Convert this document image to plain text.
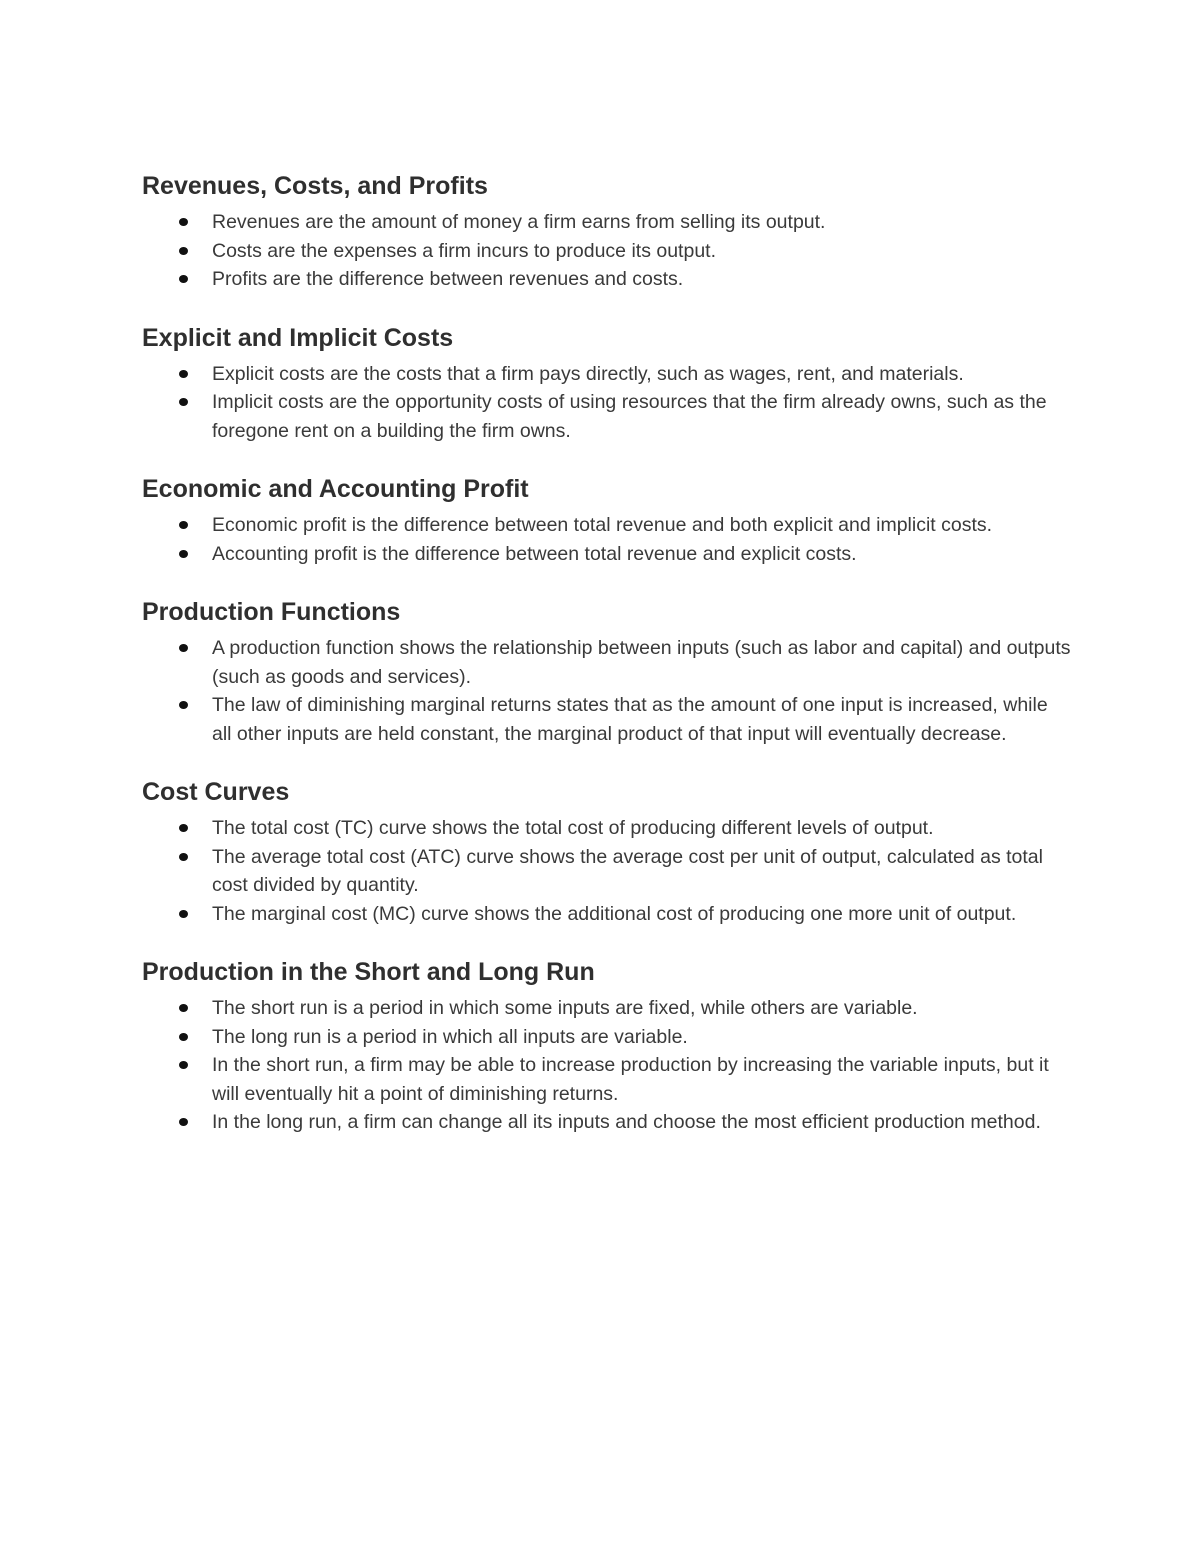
Revenues, Costs, and Profits
Revenues are the amount of money a firm earns from selling its output.
Costs are the expenses a firm incurs to produce its output.
Profits are the difference between revenues and costs.
Explicit and Implicit Costs
Explicit costs are the costs that a firm pays directly, such as wages, rent, and materials.
Implicit costs are the opportunity costs of using resources that the firm already owns, such as the foregone rent on a building the firm owns.
Economic and Accounting Profit
Economic profit is the difference between total revenue and both explicit and implicit costs.
Accounting profit is the difference between total revenue and explicit costs.
Production Functions
A production function shows the relationship between inputs (such as labor and capital) and outputs (such as goods and services).
The law of diminishing marginal returns states that as the amount of one input is increased, while all other inputs are held constant, the marginal product of that input will eventually decrease.
Cost Curves
The total cost (TC) curve shows the total cost of producing different levels of output.
The average total cost (ATC) curve shows the average cost per unit of output, calculated as total cost divided by quantity.
The marginal cost (MC) curve shows the additional cost of producing one more unit of output.
Production in the Short and Long Run
The short run is a period in which some inputs are fixed, while others are variable.
The long run is a period in which all inputs are variable.
In the short run, a firm may be able to increase production by increasing the variable inputs, but it will eventually hit a point of diminishing returns.
In the long run, a firm can change all its inputs and choose the most efficient production method.
